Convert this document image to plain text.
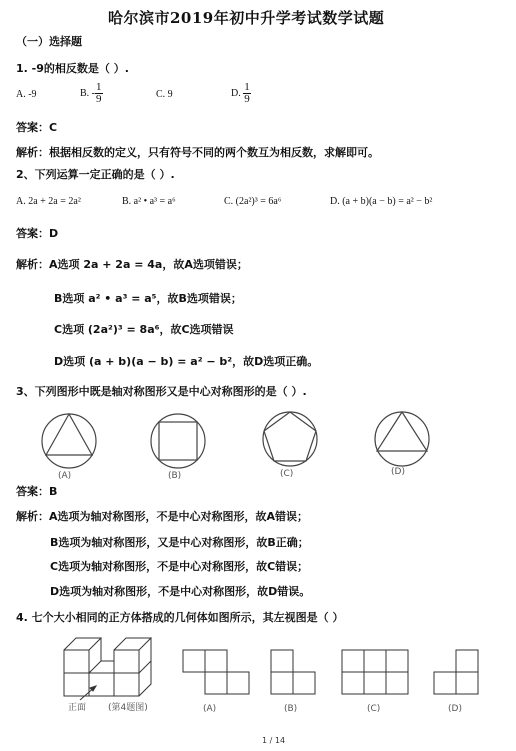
哈尔滨市2019年初中升学考试数学试题
（一）选择题
1. -9的相反数是（ ）.
A. -9	B. - $\frac{1}{9}$	C. 9	D. $\frac{1}{9}$
答案：C
解析：根据相反数的定义，只有符号不同的两个数互为相反数，求解即可。
2、下列运算一定正确的是（ ）.
A. 2a + 2a = 2a²	B. a² • a³ = a⁶	C. (2a²)³ = 6a⁶	D. (a + b)(a − b) = a² − b²
答案：D
解析：A选项 2a + 2a = 4a，故A选项错误；
B选项 a² • a³ = a⁵，故B选项错误；
C选项 (2a²)³ = 8a⁶，故C选项错误
D选项 (a + b)(a − b) = a² − b²，故D选项正确。
3、下列图形中既是轴对称图形又是中心对称图形的是（ ）.
(A)	(B)	(C)	(D)
答案：B
解析：A选项为轴对称图形，不是中心对称图形，故A错误；
B选项为轴对称图形，又是中心对称图形，故B正确；
C选项为轴对称图形，不是中心对称图形，故C错误；
D选项为轴对称图形，不是中心对称图形，故D错误。
4. 七个大小相同的正方体搭成的几何体如图所示，其左视图是（ ）
正面 (第4题图)	(A)	(B)	(C)	(D)
1 / 14
